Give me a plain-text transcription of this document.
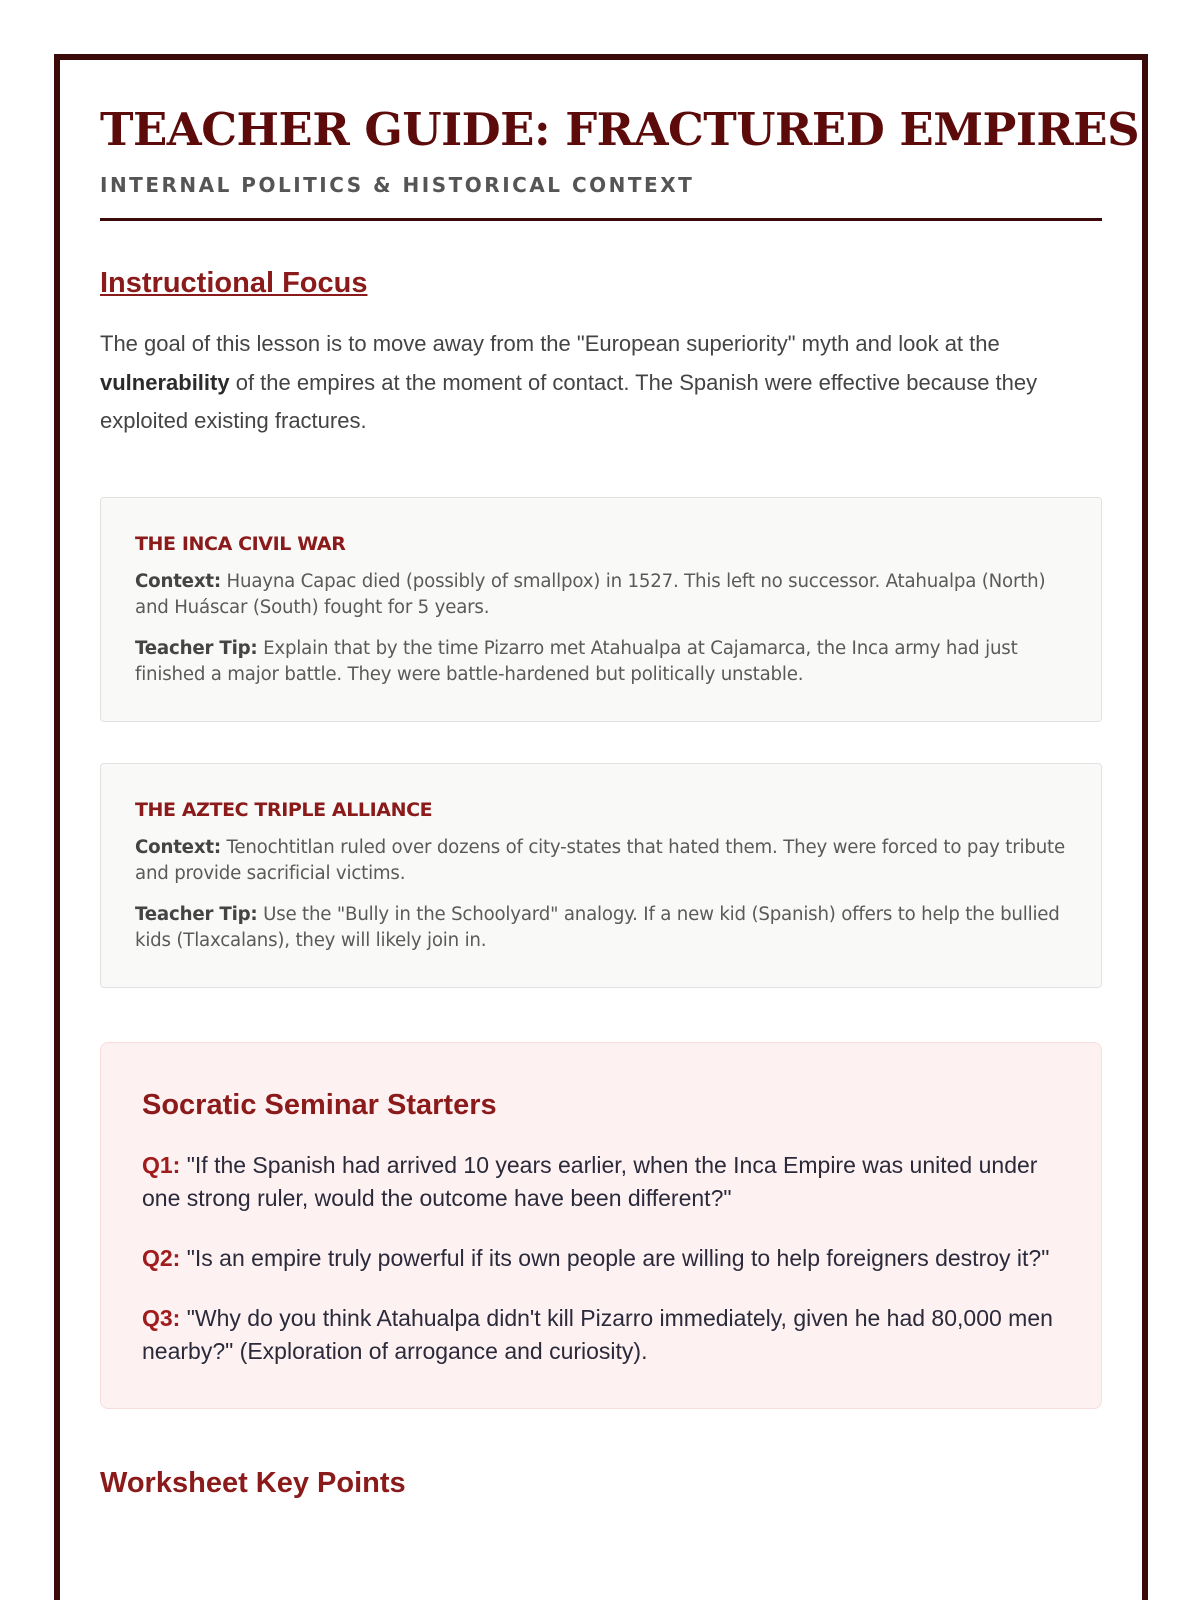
TEACHER GUIDE: FRACTURED EMPIRES
INTERNAL POLITICS & HISTORICAL CONTEXT
Instructional Focus

The goal of this lesson is to move away from the "European superiority" myth and look at the vulnerability of the empires at the moment of contact. The Spanish were effective because they exploited existing fractures.

THE INCA CIVIL WAR

Context: Huayna Capac died (possibly of smallpox) in 1527. This left no successor. Atahualpa (North) and Huáscar (South) fought for 5 years.

Teacher Tip: Explain that by the time Pizarro met Atahualpa at Cajamarca, the Inca army had just finished a major battle. They were battle-hardened but politically unstable.

THE AZTEC TRIPLE ALLIANCE

Context: Tenochtitlan ruled over dozens of city-states that hated them. They were forced to pay tribute and provide sacrificial victims.

Teacher Tip: Use the "Bully in the Schoolyard" analogy. If a new kid (Spanish) offers to help the bullied kids (Tlaxcalans), they will likely join in.

Socratic Seminar Starters

Q1: "If the Spanish had arrived 10 years earlier, when the Inca Empire was united under one strong ruler, would the outcome have been different?"

Q2: "Is an empire truly powerful if its own people are willing to help foreigners destroy it?"

Q3: "Why do you think Atahualpa didn't kill Pizarro immediately, given he had 80,000 men nearby?" (Exploration of arrogance and curiosity).

Worksheet Key Points
